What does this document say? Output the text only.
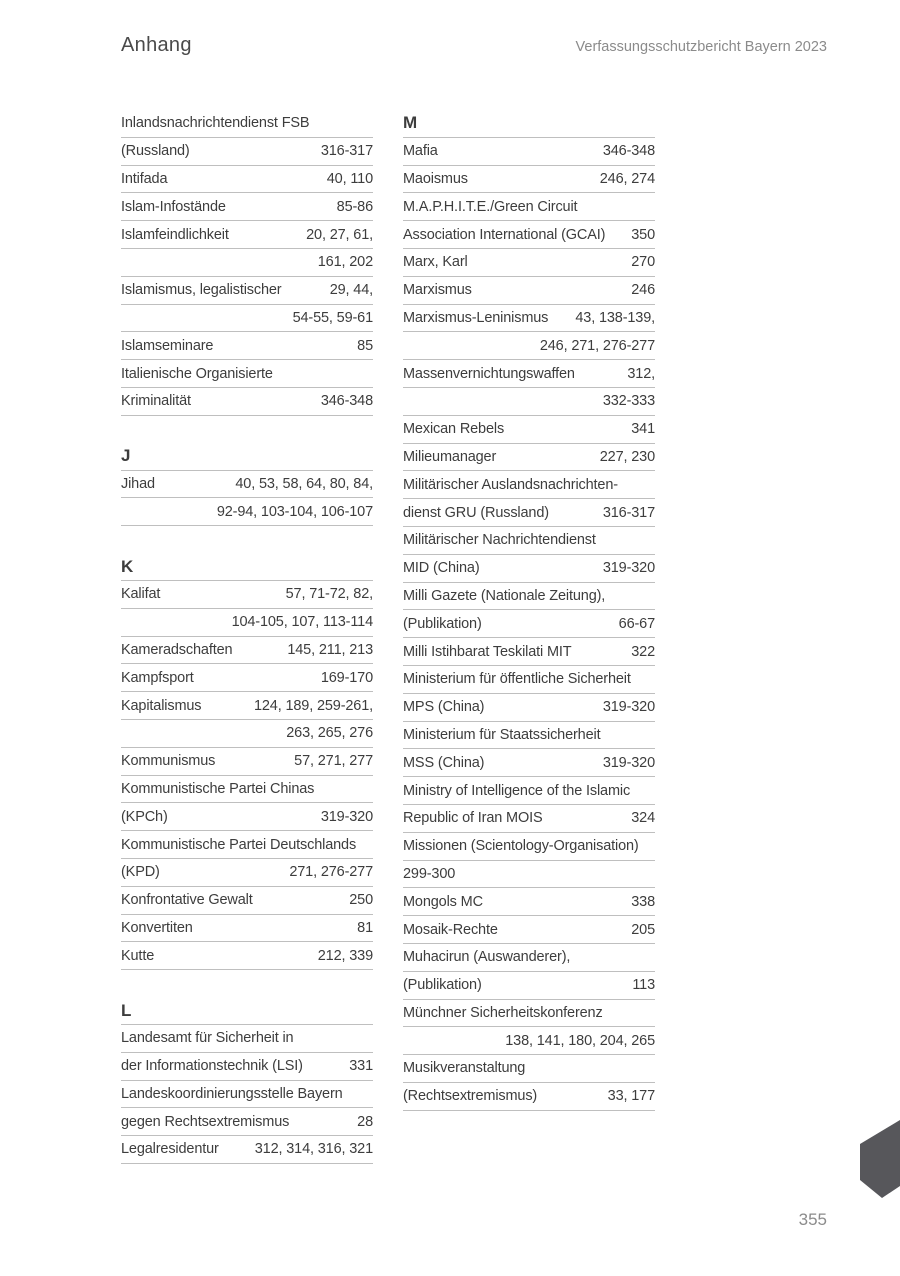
Anhang	Verfassungsschutzbericht Bayern 2023
Inlandsnachrichtendienst FSB
(Russland)	316-317
Intifada	40, 110
Islam-Infostände	85-86
Islamfeindlichkeit	20, 27, 61,
161, 202
Islamismus, legalistischer	29, 44,
54-55, 59-61
Islamseminare	85
Italienische Organisierte
Kriminalität	346-348
J
Jihad	40, 53, 58, 64, 80, 84,
92-94, 103-104, 106-107
K
Kalifat	57, 71-72, 82,
104-105, 107, 113-114
Kameradschaften	145, 211, 213
Kampfsport	169-170
Kapitalismus	124, 189, 259-261,
263, 265, 276
Kommunismus	57, 271, 277
Kommunistische Partei Chinas
(KPCh)	319-320
Kommunistische Partei Deutschlands
(KPD)	271, 276-277
Konfrontative Gewalt	250
Konvertiten	81
Kutte	212, 339
L
Landesamt für Sicherheit in
der Informationstechnik (LSI)	331
Landeskoordinierungsstelle Bayern
gegen Rechtsextremismus	28
Legalresidentur 312, 314, 316, 321
M
Mafia	346-348
Maoismus	246, 274
M.A.P.H.I.T.E./Green Circuit
Association International (GCAI) 350
Marx, Karl	270
Marxismus	246
Marxismus-Leninismus 43, 138-139,
246, 271, 276-277
Massenvernichtungswaffen	312,
332-333
Mexican Rebels	341
Milieumanager	227, 230
Militärischer Auslandsnachrichten-
dienst GRU (Russland)	316-317
Militärischer Nachrichtendienst
MID (China)	319-320
Milli Gazete (Nationale Zeitung),
(Publikation)	66-67
Milli Istihbarat Teskilati MIT	322
Ministerium für öffentliche Sicherheit
MPS (China)	319-320
Ministerium für Staatssicherheit
MSS (China)	319-320
Ministry of Intelligence of the Islamic
Republic of Iran MOIS	324
Missionen (Scientology-Organisation)
299-300
Mongols MC	338
Mosaik-Rechte	205
Muhacirun (Auswanderer),
(Publikation)	113
Münchner Sicherheitskonferenz
138, 141, 180, 204, 265
Musikveranstaltung
(Rechtsextremismus)	33, 177
355
